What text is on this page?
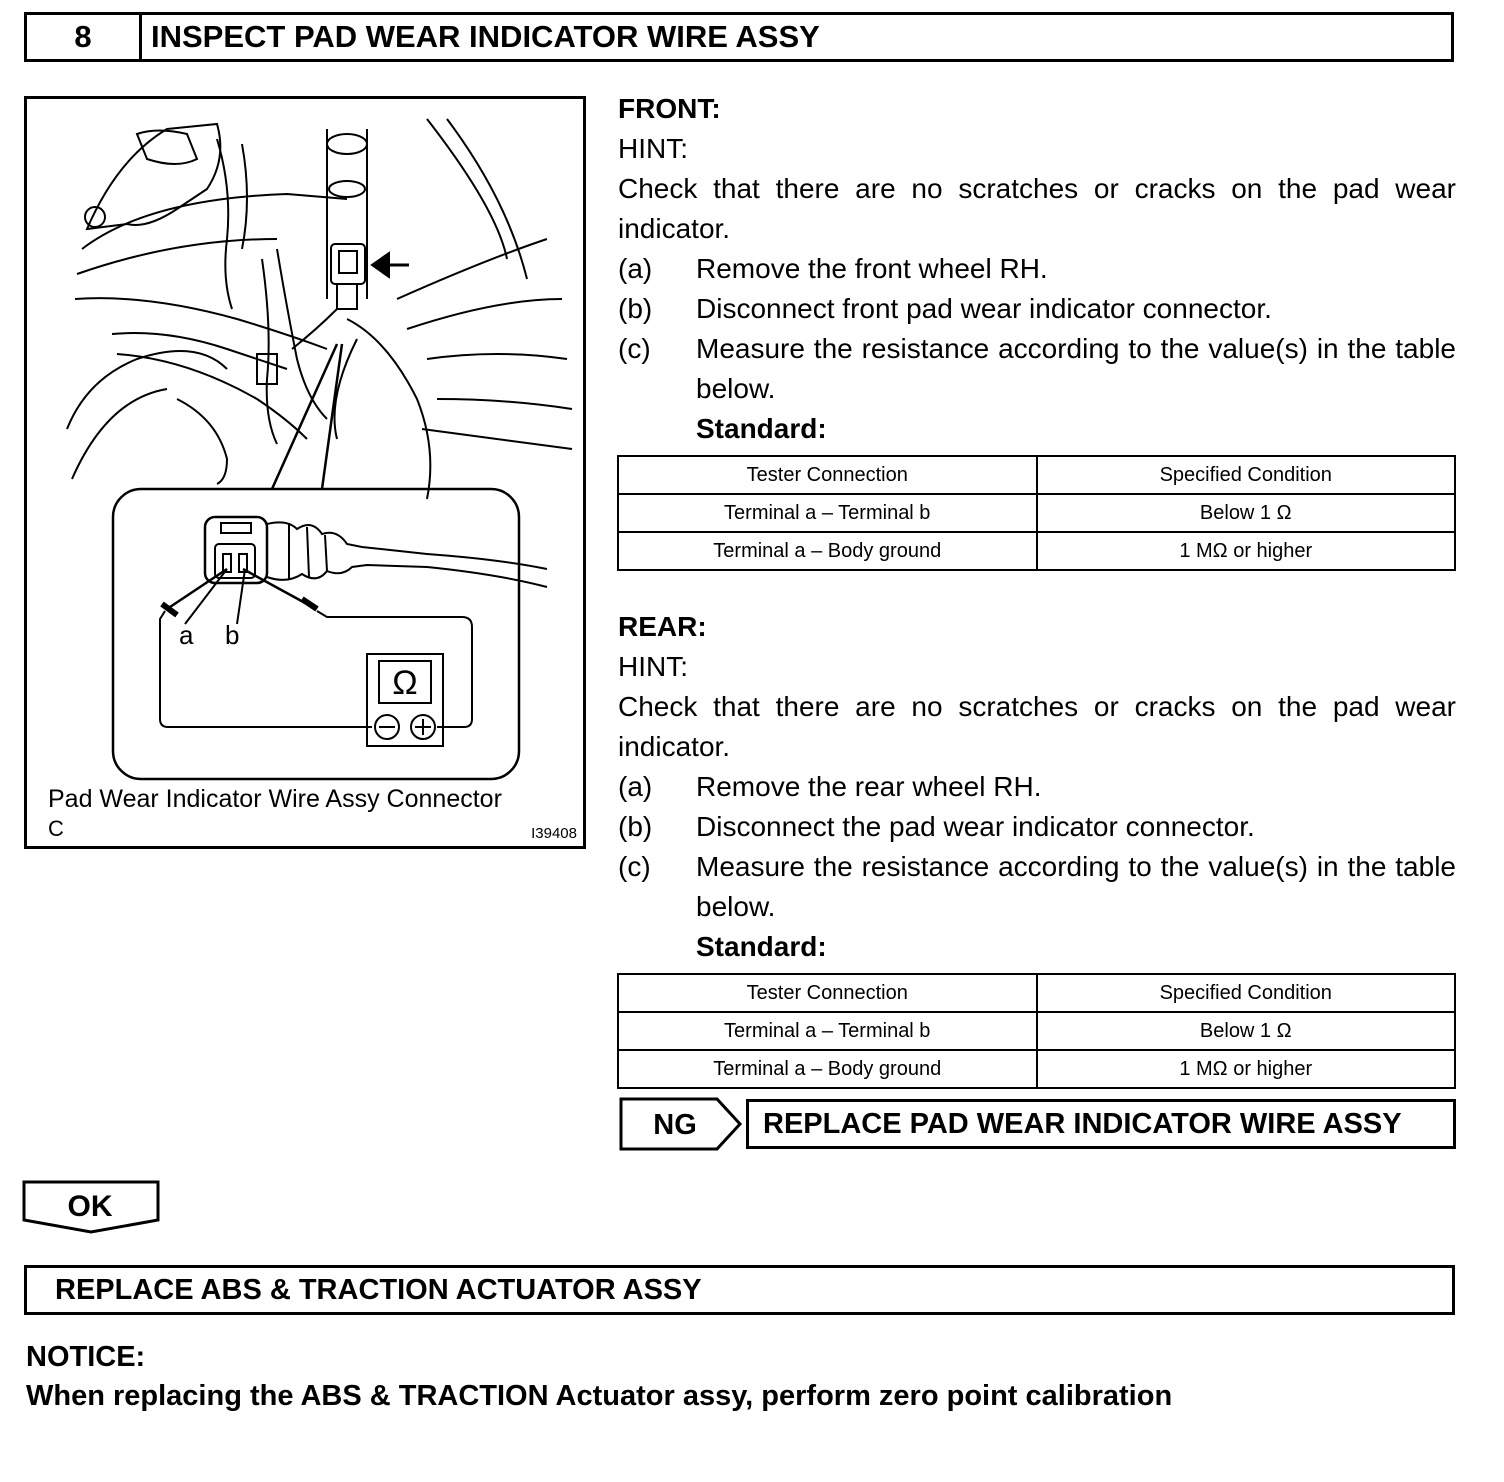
8	INSPECT PAD WEAR INDICATOR WIRE ASSY
a b
Ω
Pad Wear Indicator Wire Assy Connector
C	I39408
FRONT:
HINT:
Check that there are no scratches or cracks on the pad wear indicator.
(a) Remove the front wheel RH.
(b) Disconnect front pad wear indicator connector.
(c) Measure the resistance according to the value(s) in the table below.
Standard:
Tester Connection	Specified Condition
Terminal a – Terminal b	Below 1 Ω
Terminal a – Body ground	1 MΩ or higher
REAR:
HINT:
Check that there are no scratches or cracks on the pad wear indicator.
(a) Remove the rear wheel RH.
(b) Disconnect the pad wear indicator connector.
(c) Measure the resistance according to the value(s) in the table below.
Standard:
Tester Connection	Specified Condition
Terminal a – Terminal b	Below 1 Ω
Terminal a – Body ground	1 MΩ or higher
NG REPLACE PAD WEAR INDICATOR WIRE ASSY
OK
REPLACE ABS & TRACTION ACTUATOR ASSY
NOTICE:
When replacing the ABS & TRACTION Actuator assy, perform zero point calibration
